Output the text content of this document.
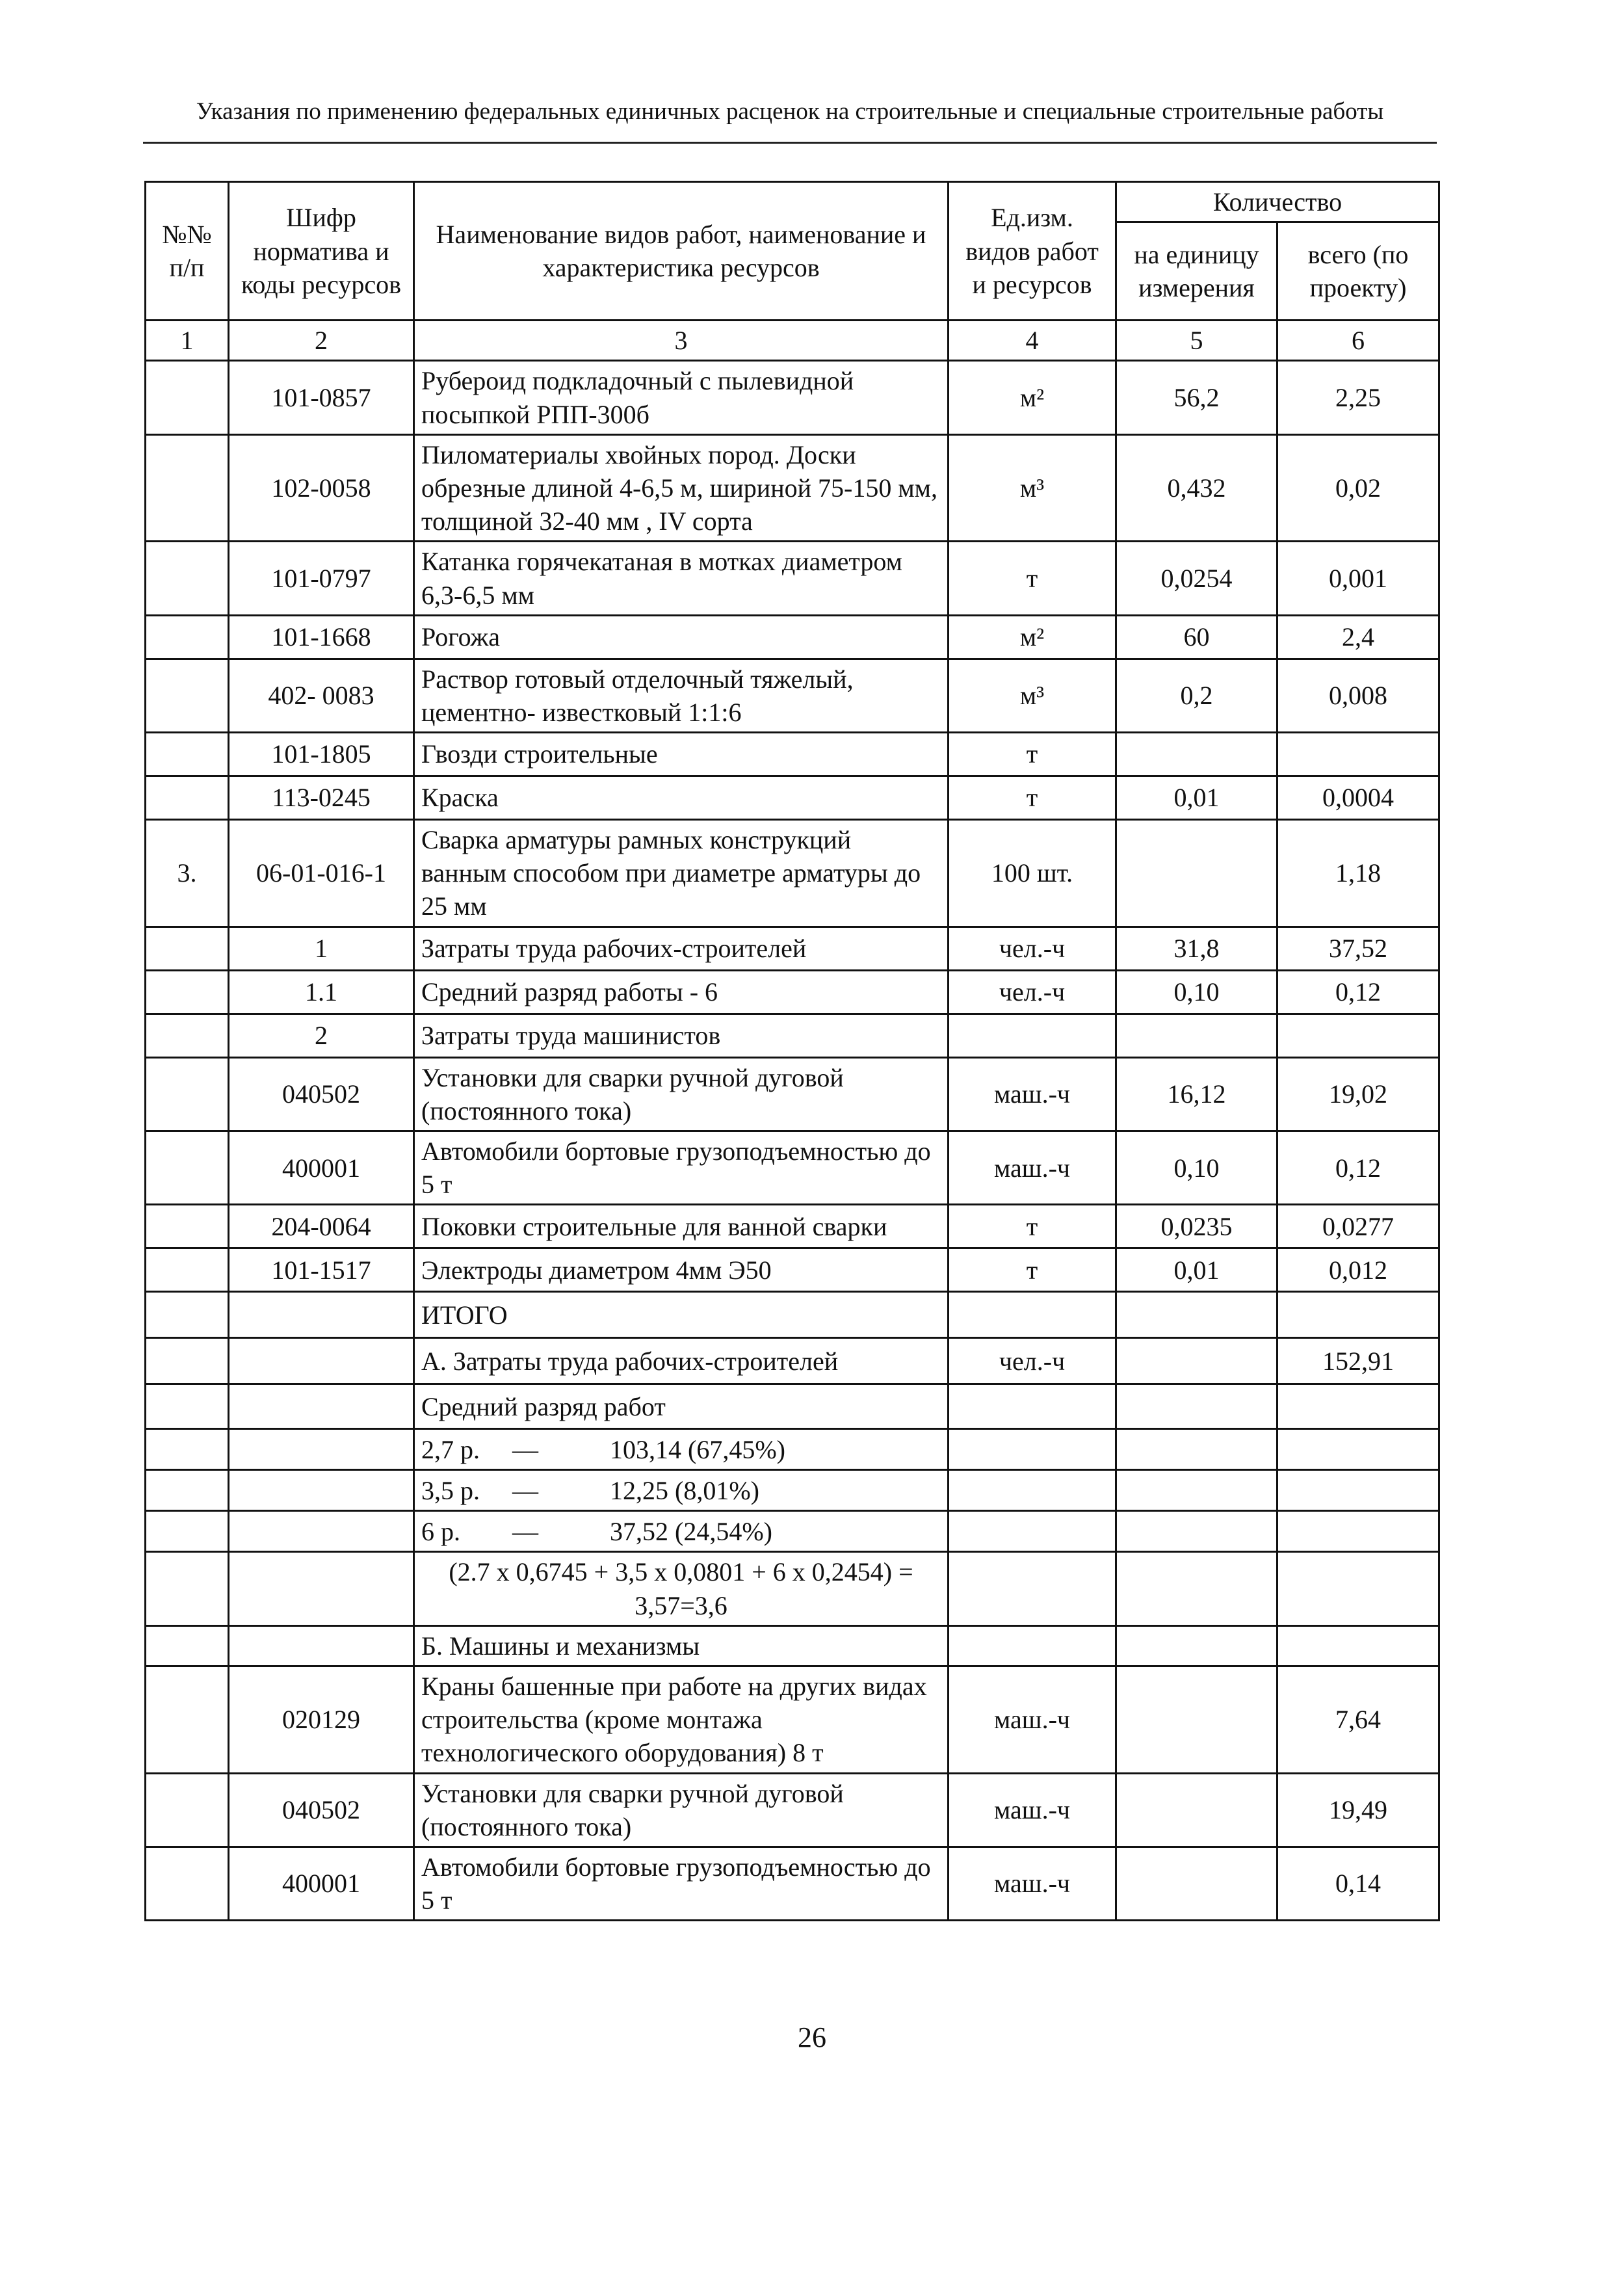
Указания по применению федеральных единичных расценок на строительные и специальные строительные работы
№№ п/п	Шифр норматива и коды ресурсов	Наименование видов работ, наименование и характеристика ресурсов	Ед.изм. видов работ и ресурсов	Количество	
				на единицу измерения	всего (по проекту)
1	2	3	4	5	6
	101-0857	Рубероид подкладочный с пылевидной посыпкой РПП-300б	м²	56,2	2,25
	102-0058	Пиломатериалы хвойных пород. Доски обрезные длиной 4-6,5 м, шириной 75-150 мм, толщиной 32-40 мм , IV сорта	м³	0,432	0,02
	101-0797	Катанка горячекатаная в мотках диаметром 6,3-6,5 мм	т	0,0254	0,001
	101-1668	Рогожа	м²	60	2,4
	402- 0083	Раствор готовый отделочный тяжелый, цементно- известковый 1:1:6	м³	0,2	0,008
	101-1805	Гвозди строительные	т		
	113-0245	Краска	т	0,01	0,0004
3.	06-01-016-1	Сварка арматуры рамных конструкций ванным способом при диаметре арматуры до 25 мм	100 шт.		1,18
	1	Затраты труда рабочих-строителей	чел.-ч	31,8	37,52
	1.1	Средний разряд работы - 6	чел.-ч	0,10	0,12
	2	Затраты труда машинистов			
	040502	Установки для сварки ручной дуговой (постоянного тока)	маш.-ч	16,12	19,02
	400001	Автомобили бортовые грузоподъемностью до 5 т	маш.-ч	0,10	0,12
	204-0064	Поковки строительные для ванной сварки	т	0,0235	0,0277
	101-1517	Электроды диаметром 4мм Э50	т	0,01	0,012
		ИТОГО			
		А. Затраты труда рабочих-строителей	чел.-ч		152,91
		Средний разряд работ			

		2,7 р. — 103,14 (67,45%)			

		3,5 р. — 12,25 (8,01%)			

		6 р. — 37,52 (24,54%)			

		(2.7 х 0,6745 + 3,5 х 0,0801 + 6 х 0,2454) =
3,57=3,6			

		Б. Машины и механизмы			
	020129	Краны башенные при работе на других видах строительства (кроме монтажа технологического оборудования) 8 т	маш.-ч		7,64
	040502	Установки для сварки ручной дуговой (постоянного тока)	маш.-ч		19,49
	400001	Автомобили бортовые грузоподъемностью до 5 т	маш.-ч		0,14
26
